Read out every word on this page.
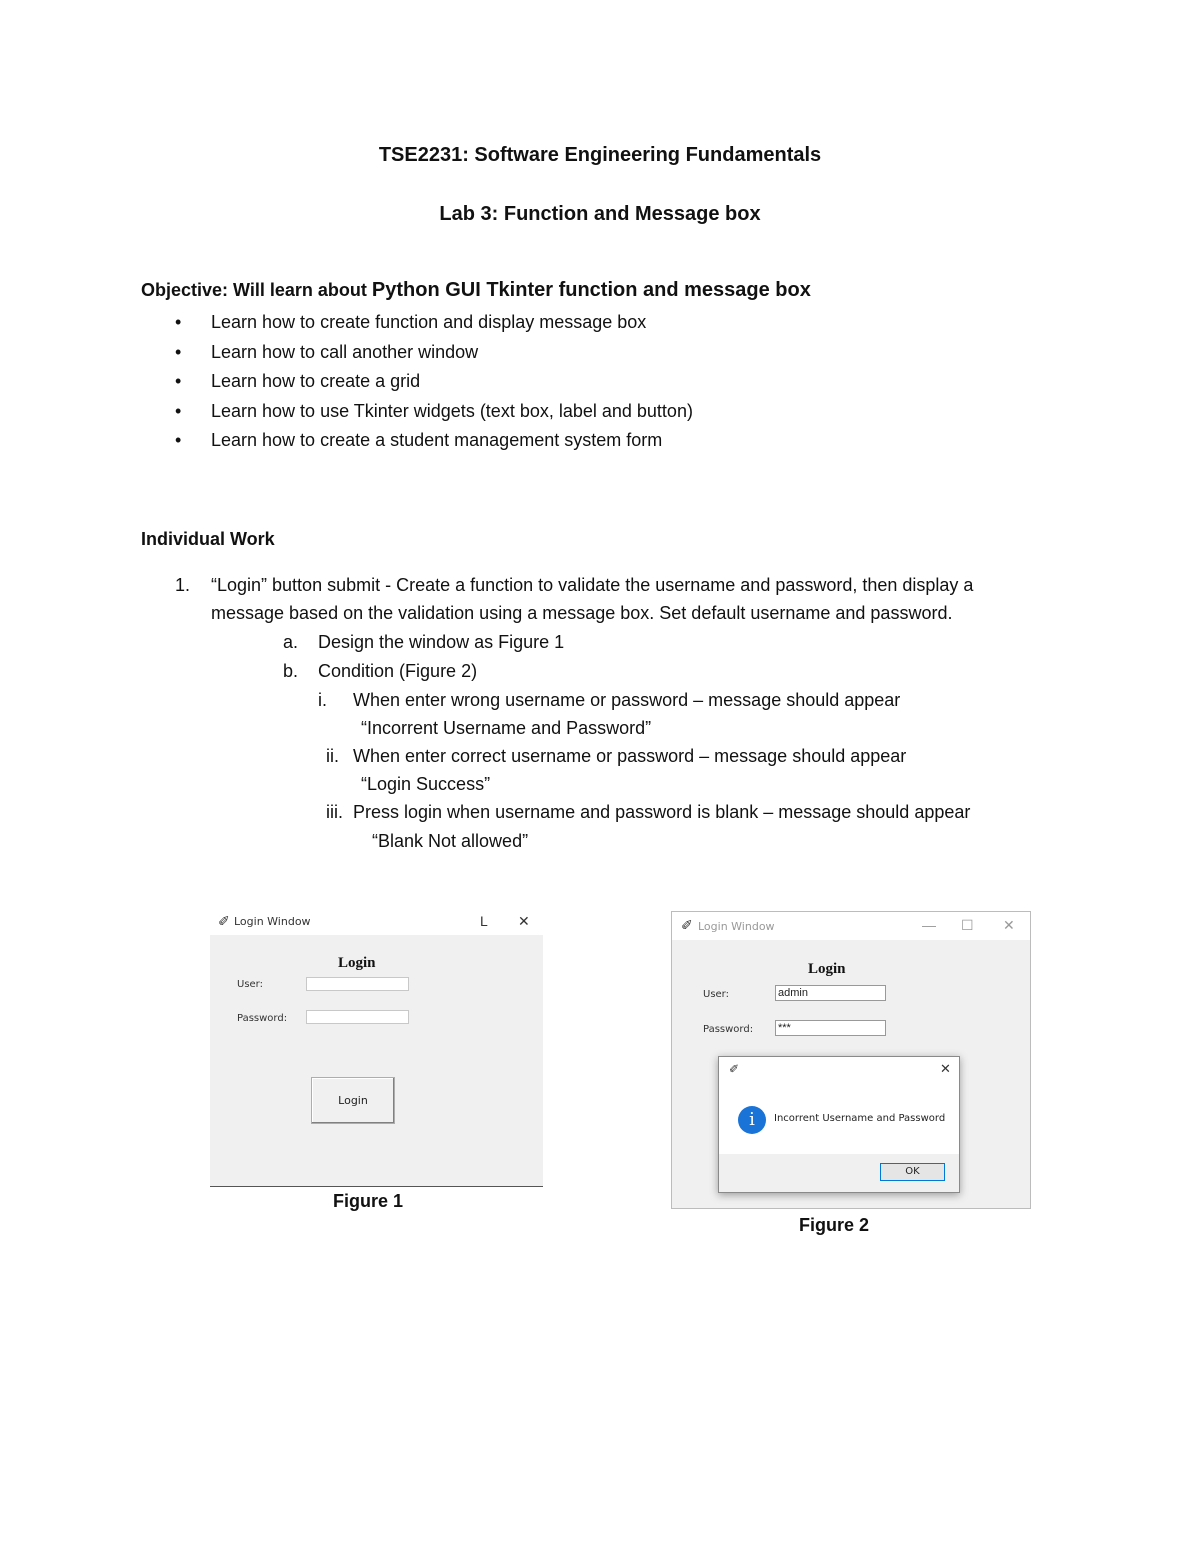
TSE2231: Software Engineering Fundamentals
Lab 3: Function and Message box
Objective: Will learn about Python GUI Tkinter function and message box
• Learn how to create function and display message box
• Learn how to call another window
• Learn how to create a grid
• Learn how to use Tkinter widgets (text box, label and button)
• Learn how to create a student management system form
Individual Work
1. “Login” button submit - Create a function to validate the username and password, then display a
message based on the validation using a message box. Set default username and password.
a. Design the window as Figure 1
b. Condition (Figure 2)
i. When enter wrong username or password – message should appear
“Incorrent Username and Password”
ii. When enter correct username or password – message should appear
“Login Success”
iii. Press login when username and password is blank – message should appear
“Blank Not allowed”
✐ Login Window	L ✕
Login
User:
Password:
Login
Figure 1
✐ Login Window	— ☐ ✕
Login
User:	admin
Password: ***
✐	✕
i	Incorrent Username and Password
OK
Figure 2
